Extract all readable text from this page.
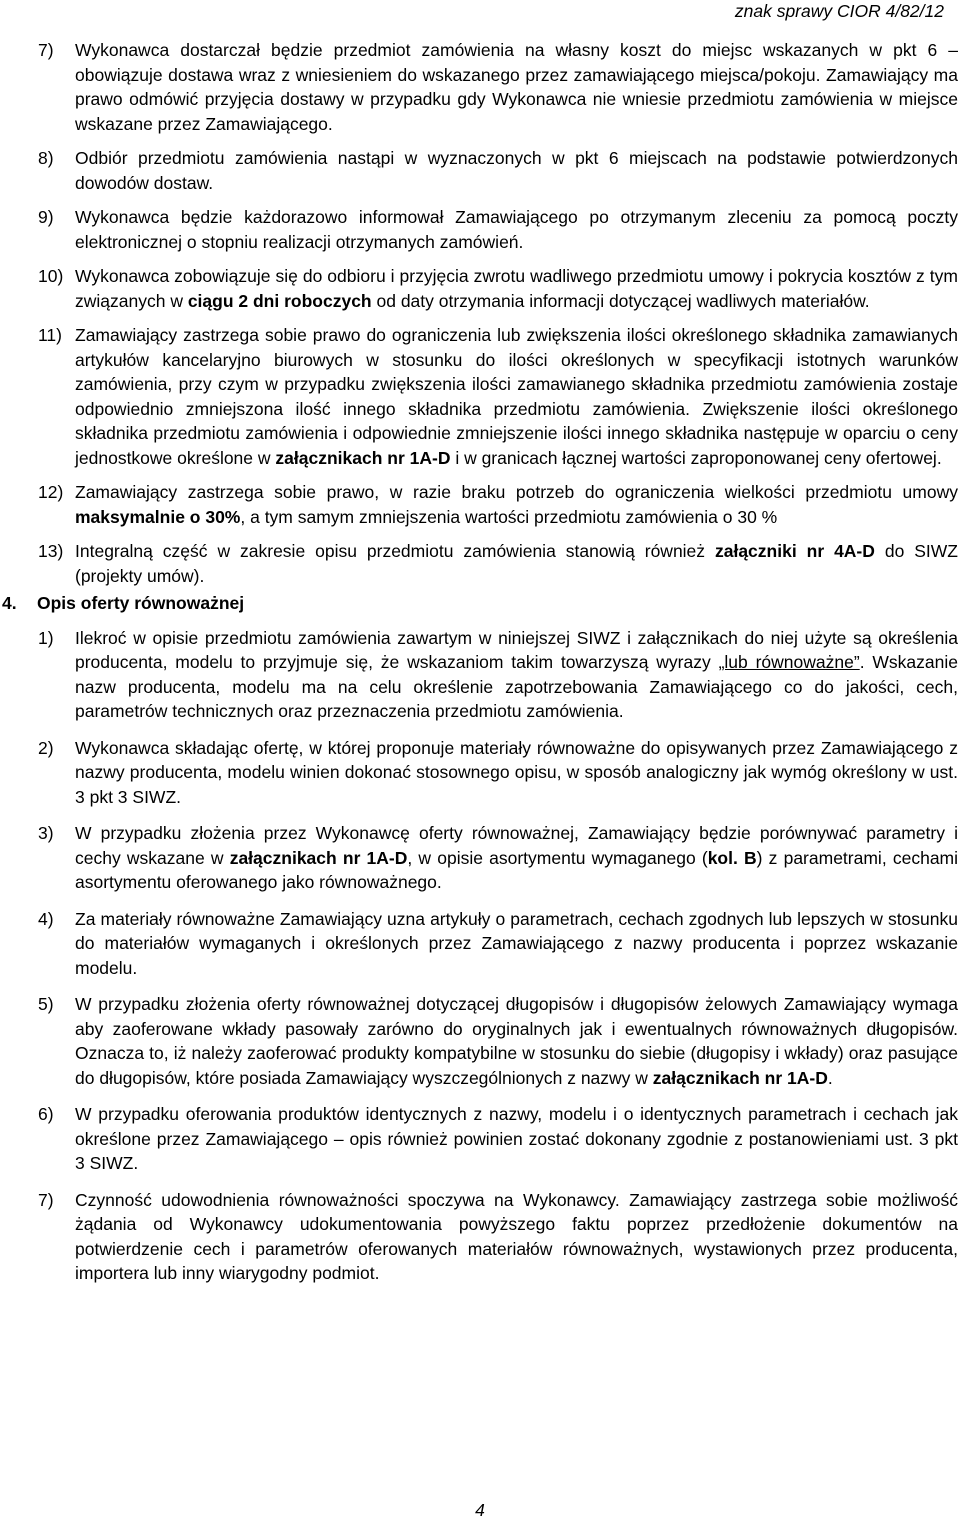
znak sprawy CIOR 4/82/12
7)	Wykonawca dostarczał będzie przedmiot zamówienia na własny koszt do miejsc wskazanych w pkt 6 – obowiązuje dostawa wraz z wniesieniem do wskazanego przez zamawiającego miejsca/pokoju. Zamawiający ma prawo odmówić przyjęcia dostawy w przypadku gdy Wykonawca nie wniesie przedmiotu zamówienia w miejsce wskazane przez Zamawiającego.
8)	Odbiór przedmiotu zamówienia nastąpi w wyznaczonych w pkt 6 miejscach na podstawie potwierdzonych dowodów dostaw.
9)	Wykonawca będzie każdorazowo informował Zamawiającego po otrzymanym zleceniu za pomocą poczty elektronicznej o stopniu realizacji otrzymanych zamówień.
10) Wykonawca zobowiązuje się do odbioru i przyjęcia zwrotu wadliwego przedmiotu umowy i pokrycia kosztów z tym związanych w ciągu 2 dni roboczych od daty otrzymania informacji dotyczącej wadliwych materiałów.
11) Zamawiający zastrzega sobie prawo do ograniczenia lub zwiększenia ilości określonego składnika zamawianych artykułów kancelaryjno biurowych w stosunku do ilości określonych w specyfikacji istotnych warunków zamówienia, przy czym w przypadku zwiększenia ilości zamawianego składnika przedmiotu zamówienia zostaje odpowiednio zmniejszona ilość innego składnika przedmiotu zamówienia. Zwiększenie ilości określonego składnika przedmiotu zamówienia i odpowiednie zmniejszenie ilości innego składnika następuje w oparciu o ceny jednostkowe określone w załącznikach nr 1A-D i w granicach łącznej wartości zaproponowanej ceny ofertowej.
12) Zamawiający zastrzega sobie prawo, w razie braku potrzeb do ograniczenia wielkości przedmiotu umowy maksymalnie o 30%, a tym samym zmniejszenia wartości przedmiotu zamówienia o 30 %
13) Integralną część w zakresie opisu przedmiotu zamówienia stanowią również załączniki nr 4A-D do SIWZ (projekty umów).
4.	Opis oferty równoważnej
1)	Ilekroć w opisie przedmiotu zamówienia zawartym w niniejszej SIWZ i załącznikach do niej użyte są określenia producenta, modelu to przyjmuje się, że wskazaniom takim towarzyszą wyrazy „lub równoważne”. Wskazanie nazw producenta, modelu ma na celu określenie zapotrzebowania Zamawiającego co do jakości, cech, parametrów technicznych oraz przeznaczenia przedmiotu zamówienia.
2)	Wykonawca składając ofertę, w której proponuje materiały równoważne do opisywanych przez Zamawiającego z nazwy producenta, modelu winien dokonać stosownego opisu, w sposób analogiczny jak wymóg określony w ust. 3 pkt 3 SIWZ.
3)	W przypadku złożenia przez Wykonawcę oferty równoważnej, Zamawiający będzie porównywać parametry i cechy wskazane w załącznikach nr 1A-D, w opisie asortymentu wymaganego (kol. B) z parametrami, cechami asortymentu oferowanego jako równoważnego.
4)	Za materiały równoważne Zamawiający uzna artykuły o parametrach, cechach zgodnych lub lepszych w stosunku do materiałów wymaganych i określonych przez Zamawiającego z nazwy producenta i poprzez wskazanie modelu.
5)	W przypadku złożenia oferty równoważnej dotyczącej długopisów i długopisów żelowych Zamawiający wymaga aby zaoferowane wkłady pasowały zarówno do oryginalnych jak i ewentualnych równoważnych długopisów. Oznacza to, iż należy zaoferować produkty kompatybilne w stosunku do siebie (długopisy i wkłady) oraz pasujące do długopisów, które posiada Zamawiający wyszczególnionych z nazwy w załącznikach nr 1A-D.
6)	W przypadku oferowania produktów identycznych z nazwy, modelu i o identycznych parametrach i cechach jak określone przez Zamawiającego – opis również powinien zostać dokonany zgodnie z postanowieniami ust. 3 pkt 3 SIWZ.
7)	Czynność udowodnienia równoważności spoczywa na Wykonawcy. Zamawiający zastrzega sobie możliwość żądania od Wykonawcy udokumentowania powyższego faktu poprzez przedłożenie dokumentów na potwierdzenie cech i parametrów oferowanych materiałów równoważnych, wystawionych przez producenta, importera lub inny wiarygodny podmiot.
4
